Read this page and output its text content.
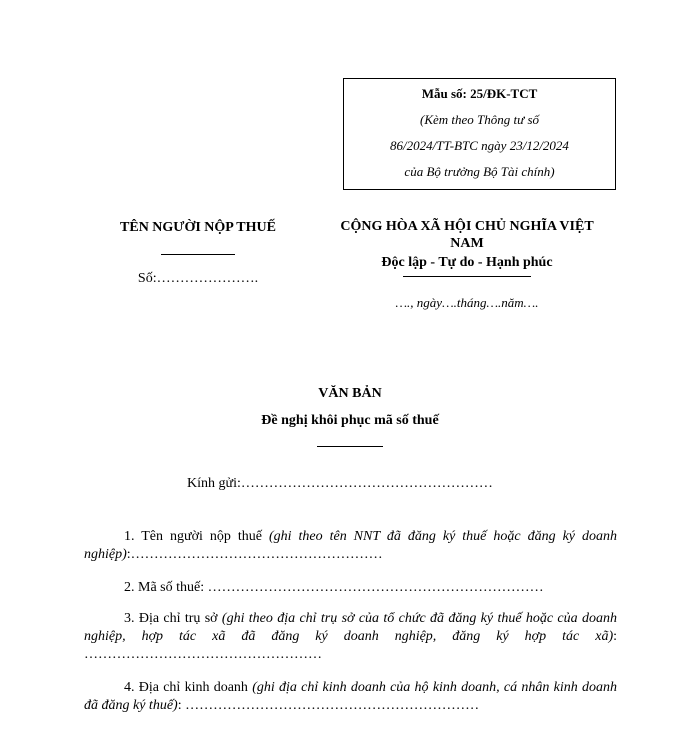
Mẫu số: 25/ĐK-TCT
(Kèm theo Thông tư số
86/2024/TT-BTC ngày 23/12/2024
của Bộ trưởng Bộ Tài chính)
TÊN NGƯỜI NỘP THUẾ
Số:………………….
CỘNG HÒA XÃ HỘI CHỦ NGHĨA VIỆT NAM
Độc lập - Tự do - Hạnh phúc
…., ngày….tháng….năm….
VĂN BẢN
Đề nghị khôi phục mã số thuế
Kính gửi:………………………………………………

1. Tên người nộp thuế (ghi theo tên NNT đã đăng ký thuế hoặc đăng ký doanh nghiệp):………………………………………………

2. Mã số thuế: ………………………………………………………………

3. Địa chỉ trụ sở (ghi theo địa chỉ trụ sở của tổ chức đã đăng ký thuế hoặc của doanh nghiệp, hợp tác xã đã đăng ký doanh nghiệp, đăng ký hợp tác xã): ……………………………………………

4. Địa chỉ kinh doanh (ghi địa chỉ kinh doanh của hộ kinh doanh, cá nhân kinh doanh đã đăng ký thuế): ………………………………………………………
